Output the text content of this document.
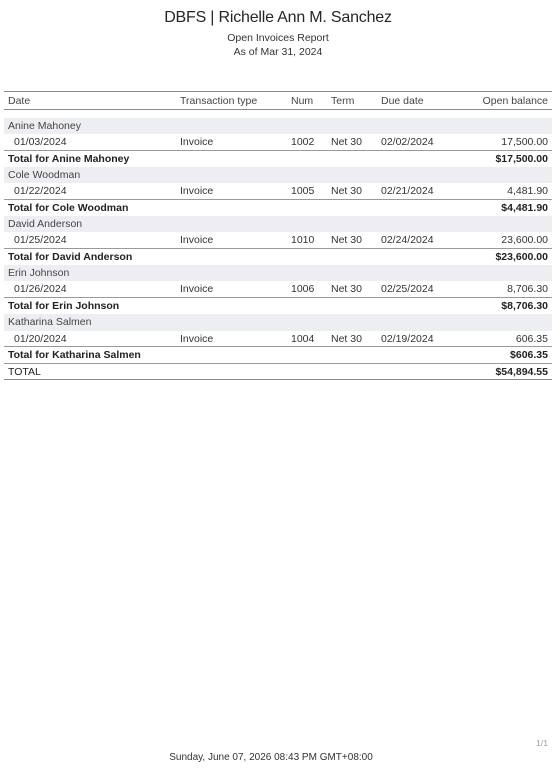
DBFS | Richelle Ann M. Sanchez
Open Invoices Report
As of Mar 31, 2024
Date	Transaction type	Num	Term	Due date	Open balance

Anine Mahoney					
01/03/2024	Invoice	1002	Net 30	02/02/2024	17,500.00
Total for Anine Mahoney					$17,500.00
Cole Woodman					
01/22/2024	Invoice	1005	Net 30	02/21/2024	4,481.90
Total for Cole Woodman					$4,481.90
David Anderson					
01/25/2024	Invoice	1010	Net 30	02/24/2024	23,600.00
Total for David Anderson					$23,600.00
Erin Johnson					
01/26/2024	Invoice	1006	Net 30	02/25/2024	8,706.30
Total for Erin Johnson					$8,706.30
Katharina Salmen					
01/20/2024	Invoice	1004	Net 30	02/19/2024	606.35
Total for Katharina Salmen					$606.35
TOTAL					$54,894.55
1/1
Sunday, June 07, 2026 08:43 PM GMT+08:00
